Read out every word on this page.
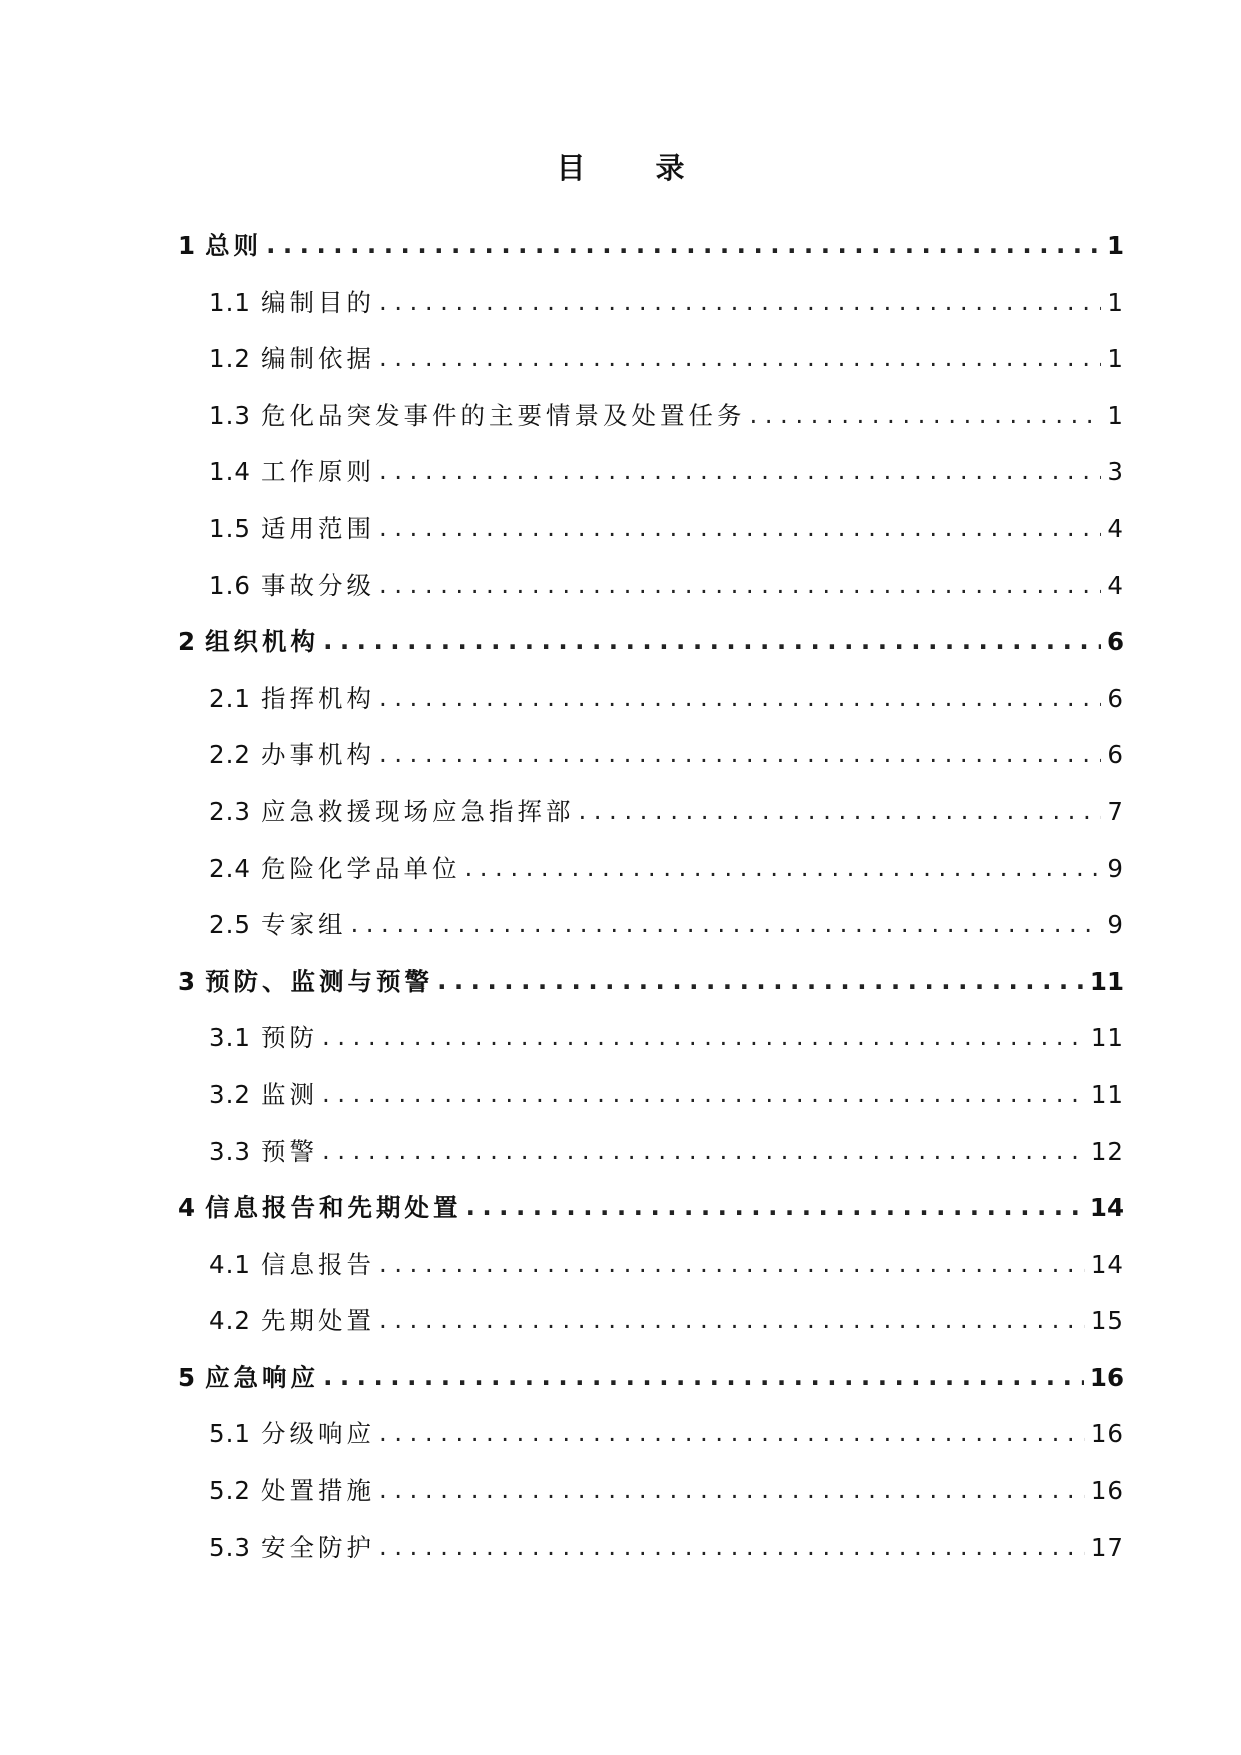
目 录
1 总则 .....	1
1.1 编制目的 .....	1
1.2 编制依据 .....	1
1.3 危化品突发事件的主要情景及处置任务 .....	1
1.4 工作原则 .....	3
1.5 适用范围 .....	4
1.6 事故分级 .....	4
2 组织机构 .....	6
2.1 指挥机构 .....	6
2.2 办事机构 .....	6
2.3 应急救援现场应急指挥部 .....	7
2.4 危险化学品单位 .....	9
2.5 专家组 .....	9
3 预防、监测与预警 .....	11
3.1 预防 .....	11
3.2 监测 .....	11
3.3 预警 .....	12
4 信息报告和先期处置 .....	14
4.1 信息报告 .....	14
4.2 先期处置 .....	15
5 应急响应 .....	16
5.1 分级响应 .....	16
5.2 处置措施 .....	16
5.3 安全防护 .....	17
